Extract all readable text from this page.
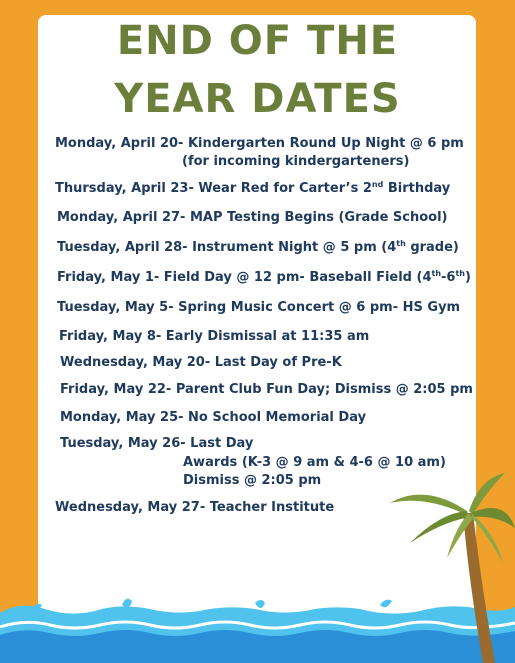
END OF THE
YEAR DATES
Monday, April 20- Kindergarten Round Up Night @ 6 pm
(for incoming kindergarteners)
Thursday, April 23- Wear Red for Carter’s 2nd Birthday
Monday, April 27- MAP Testing Begins (Grade School)
Tuesday, April 28- Instrument Night @ 5 pm (4th grade)
Friday, May 1- Field Day @ 12 pm- Baseball Field (4th-6th)
Tuesday, May 5- Spring Music Concert @ 6 pm- HS Gym
Friday, May 8- Early Dismissal at 11:35 am
Wednesday, May 20- Last Day of Pre-K
Friday, May 22- Parent Club Fun Day; Dismiss @ 2:05 pm
Monday, May 25- No School Memorial Day
Tuesday, May 26- Last Day
Awards (K-3 @ 9 am & 4-6 @ 10 am)
Dismiss @ 2:05 pm
Wednesday, May 27- Teacher Institute
